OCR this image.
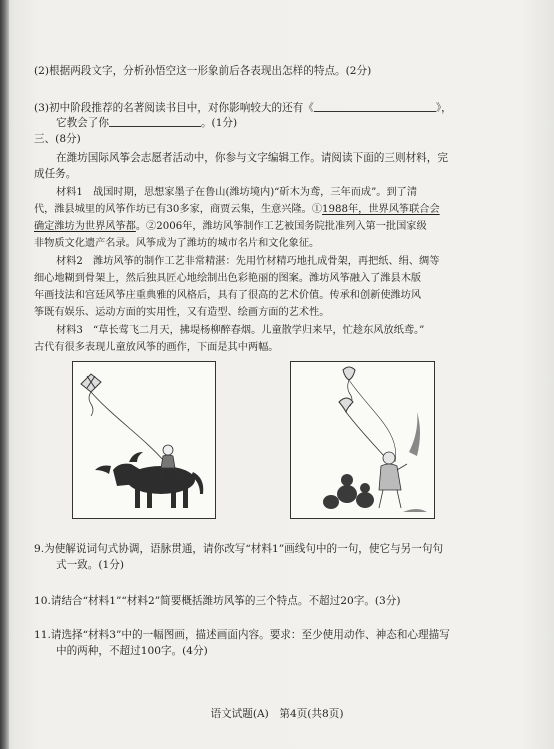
(2)根据两段文字，分析孙悟空这一形象前后各表现出怎样的特点。(2分)
(3)初中阶段推荐的名著阅读书目中，对你影响较大的还有《	》，
它教会了你	。(1分)
三、(8分)
在潍坊国际风筝会志愿者活动中，你参与文字编辑工作。请阅读下面的三则材料，完
成任务。
材料1　战国时期，思想家墨子在鲁山(潍坊境内)“斫木为鸢，三年而成”。到了清
代，潍县城里的风筝作坊已有30多家，商贾云集，生意兴隆。①1988年，世界风筝联合会
确定潍坊为世界风筝都。②2006年，潍坊风筝制作工艺被国务院批准列入第一批国家级
非物质文化遗产名录。风筝成为了潍坊的城市名片和文化象征。
材料2　潍坊风筝的制作工艺非常精湛：先用竹材精巧地扎成骨架，再把纸、绢、绸等
细心地糊到骨架上，然后独具匠心地绘制出色彩艳丽的图案。潍坊风筝融入了潍县木版
年画技法和宫廷风筝庄重典雅的风格后，具有了很高的艺术价值。传承和创新使潍坊风
筝既有娱乐、运动方面的实用性，又有造型、绘画方面的艺术性。
材料3　“草长莺飞二月天，拂堤杨柳醉春烟。儿童散学归来早，忙趁东风放纸鸢。”
古代有很多表现儿童放风筝的画作，下面是其中两幅。
9.为使解说词句式协调，语脉贯通，请你改写“材料1”画线句中的一句，使它与另一句句
式一致。(1分)
10.请结合“材料1”“材料2”简要概括潍坊风筝的三个特点。不超过20字。(3分)
11.请选择“材料3”中的一幅图画，描述画面内容。要求：至少使用动作、神态和心理描写
中的两种，不超过100字。(4分)
语文试题(A)　第4页(共8页)
